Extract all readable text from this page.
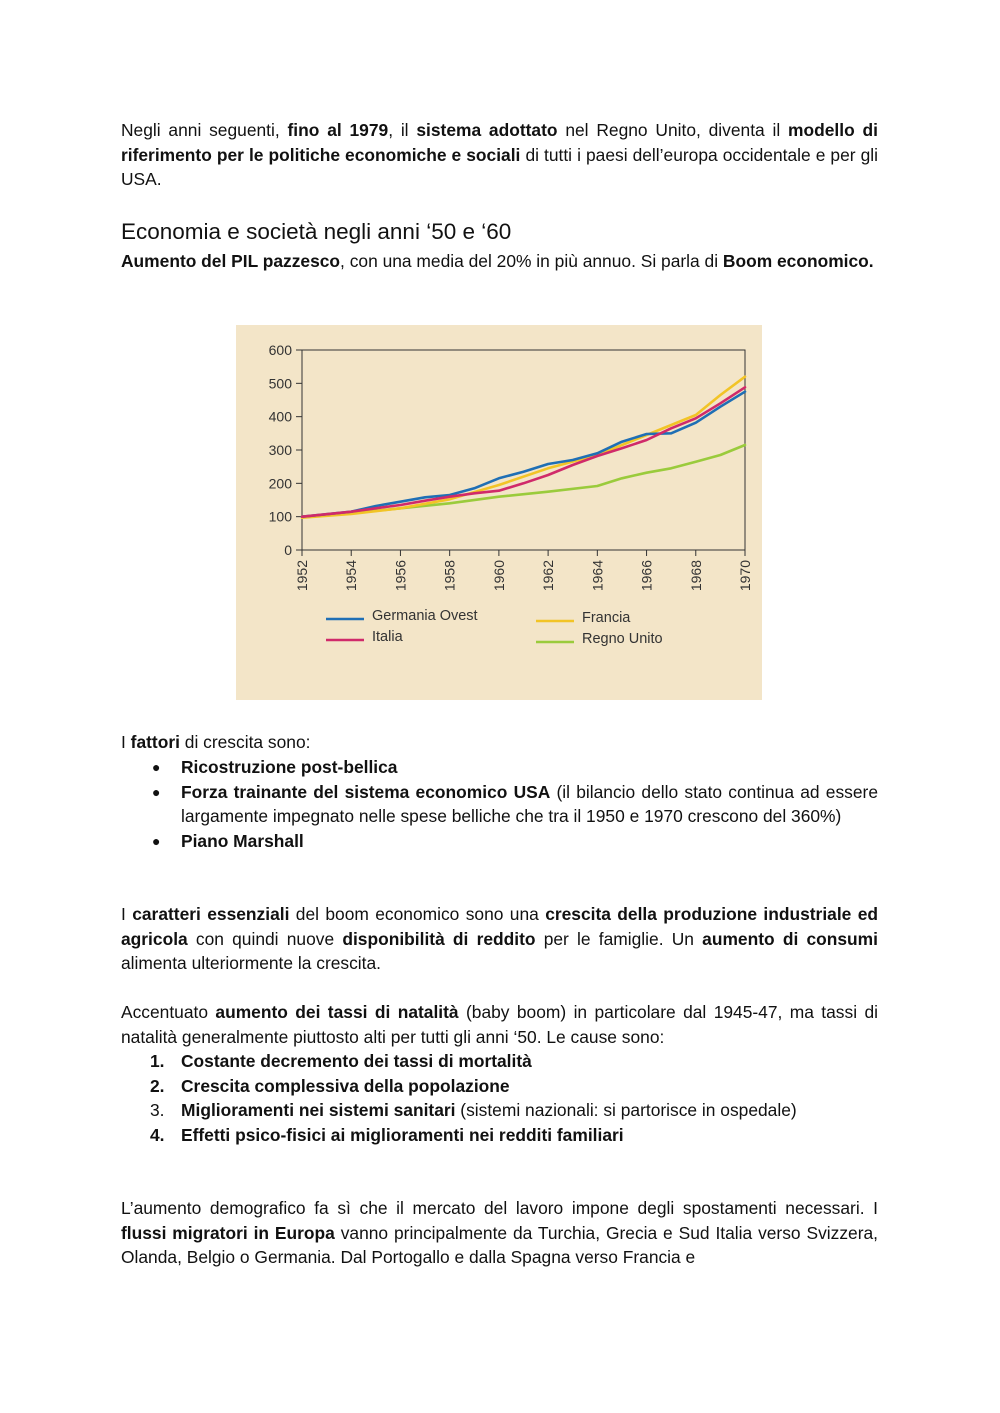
Negli anni seguenti, fino al 1979, il sistema adottato nel Regno Unito, diventa il modello di riferimento per le politiche economiche e sociali di tutti i paesi dell’europa occidentale e per gli USA.

Economia e società negli anni ‘50 e ‘60

Aumento del PIL pazzesco, con una media del 20% in più annuo. Si parla di Boom economico.

I fattori di crescita sono:

● Ricostruzione post-bellica
● Forza trainante del sistema economico USA (il bilancio dello stato continua ad essere largamente impegnato nelle spese belliche che tra il 1950 e 1970 crescono del 360%)
● Piano Marshall

I caratteri essenziali del boom economico sono una crescita della produzione industriale ed agricola con quindi nuove disponibilità di reddito per le famiglie. Un aumento di consumi alimenta ulteriormente la crescita.

Accentuato aumento dei tassi di natalità (baby boom) in particolare dal 1945-47, ma tassi di natalità generalmente piuttosto alti per tutti gli anni ‘50. Le cause sono:

1. Costante decremento dei tassi di mortalità
2. Crescita complessiva della popolazione
3. Miglioramenti nei sistemi sanitari (sistemi nazionali: si partorisce in ospedale)
4. Effetti psico-fisici ai miglioramenti nei redditi familiari

L’aumento demografico fa sì che il mercato del lavoro impone degli spostamenti necessari. I flussi migratori in Europa vanno principalmente da Turchia, Grecia e Sud Italia verso Svizzera, Olanda, Belgio o Germania. Dal Portogallo e dalla Spagna verso Francia e

0
100
200
300
400
500
600
1952 1954 1956 1958 1960 1962 1964 1966 1968 1970
Germania Ovest
Italia
Francia
Regno Unito
